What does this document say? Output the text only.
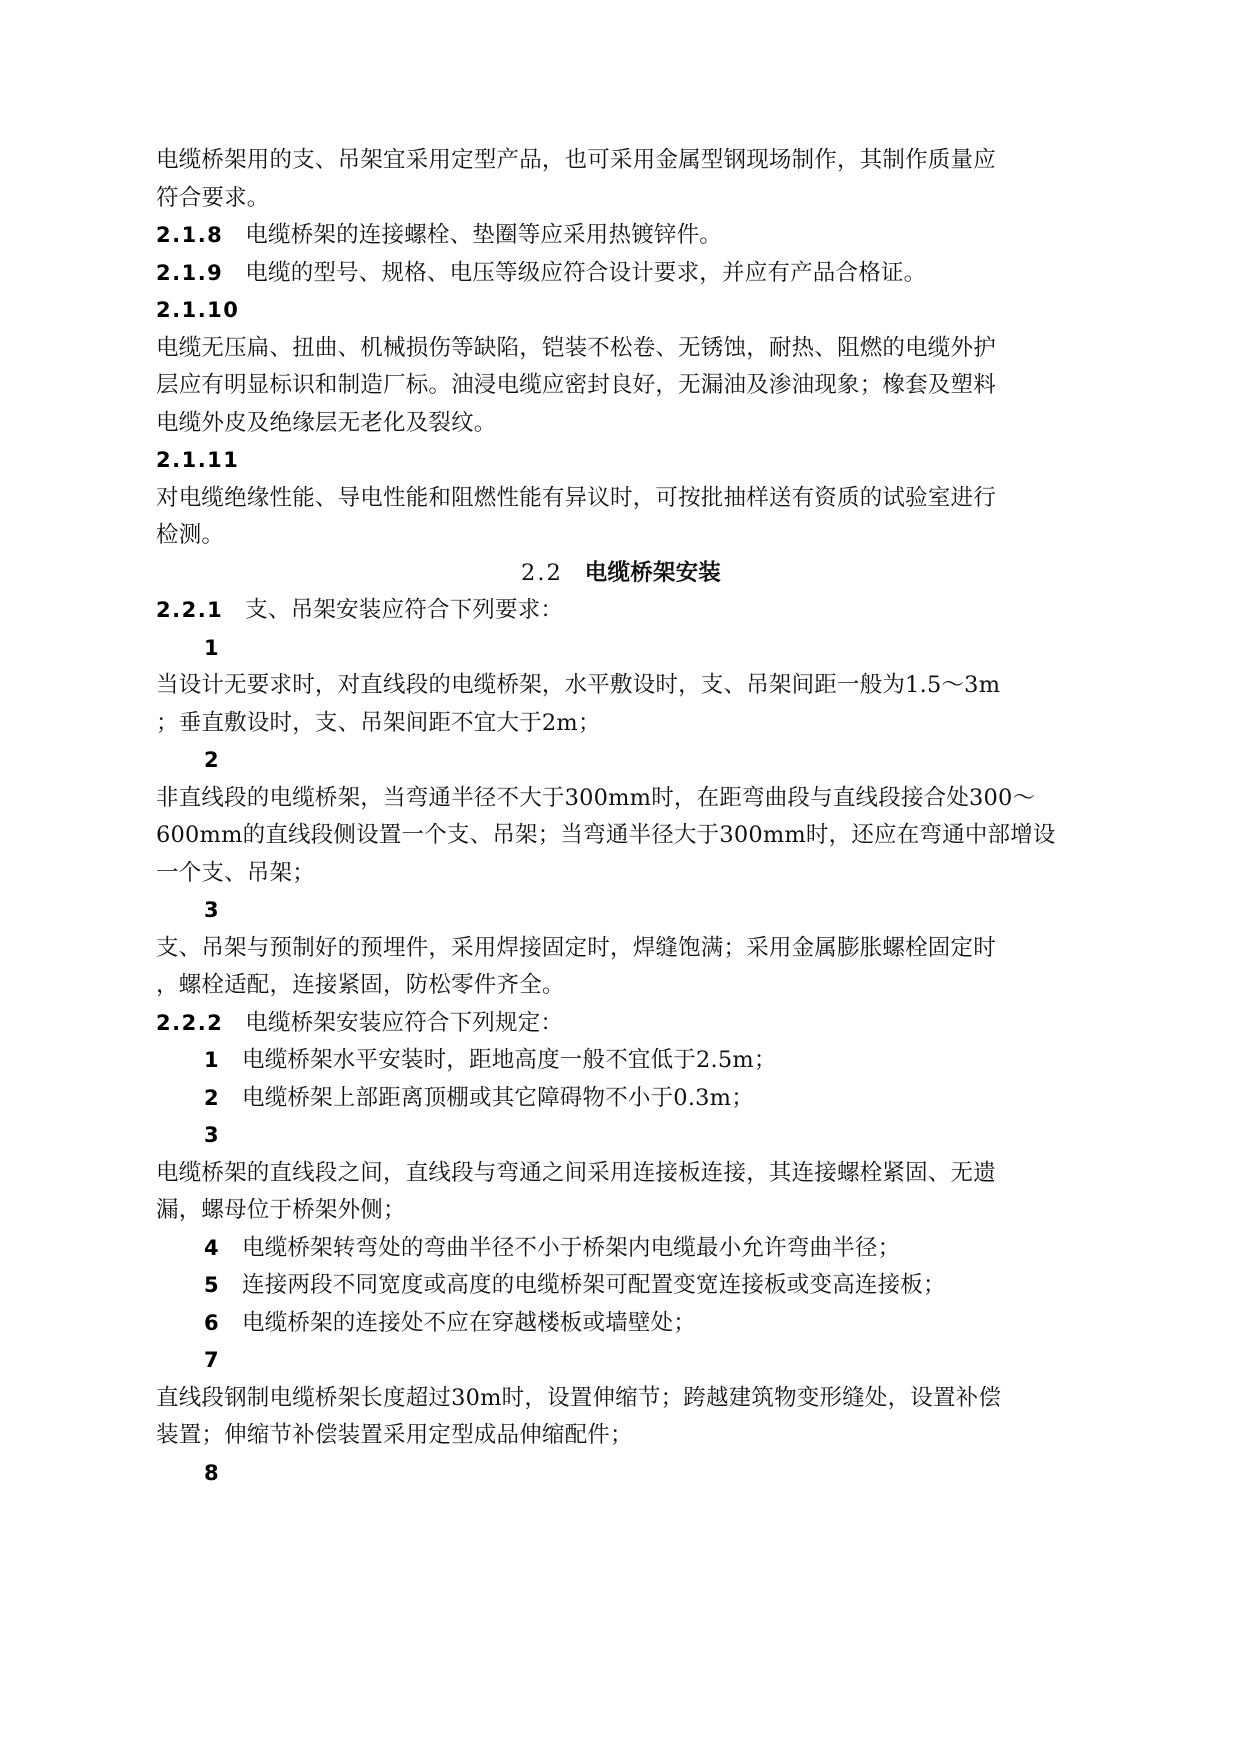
电缆桥架用的支、吊架宜采用定型产品，也可采用金属型钢现场制作，其制作质量应
符合要求。
2.1.8 电缆桥架的连接螺栓、垫圈等应采用热镀锌件。
2.1.9 电缆的型号、规格、电压等级应符合设计要求，并应有产品合格证。
2.1.10
电缆无压扁、扭曲、机械损伤等缺陷，铠装不松卷、无锈蚀，耐热、阻燃的电缆外护
层应有明显标识和制造厂标。油浸电缆应密封良好，无漏油及渗油现象；橡套及塑料
电缆外皮及绝缘层无老化及裂纹。
2.1.11
对电缆绝缘性能、导电性能和阻燃性能有异议时，可按批抽样送有资质的试验室进行
检测。
2.2 电缆桥架安装
2.2.1 支、吊架安装应符合下列要求：
1
当设计无要求时，对直线段的电缆桥架，水平敷设时，支、吊架间距一般为1.5～3m
；垂直敷设时，支、吊架间距不宜大于2m；
2
非直线段的电缆桥架，当弯通半径不大于300mm时，在距弯曲段与直线段接合处300～
600mm的直线段侧设置一个支、吊架；当弯通半径大于300mm时，还应在弯通中部增设
一个支、吊架；
3
支、吊架与预制好的预埋件，采用焊接固定时，焊缝饱满；采用金属膨胀螺栓固定时
，螺栓适配，连接紧固，防松零件齐全。
2.2.2 电缆桥架安装应符合下列规定：
1 电缆桥架水平安装时，距地高度一般不宜低于2.5m；
2 电缆桥架上部距离顶棚或其它障碍物不小于0.3m；
3
电缆桥架的直线段之间，直线段与弯通之间采用连接板连接，其连接螺栓紧固、无遗
漏，螺母位于桥架外侧；
4 电缆桥架转弯处的弯曲半径不小于桥架内电缆最小允许弯曲半径；
5 连接两段不同宽度或高度的电缆桥架可配置变宽连接板或变高连接板；
6 电缆桥架的连接处不应在穿越楼板或墙壁处；
7
直线段钢制电缆桥架长度超过30m时，设置伸缩节；跨越建筑物变形缝处，设置补偿
装置；伸缩节补偿装置采用定型成品伸缩配件；
8
